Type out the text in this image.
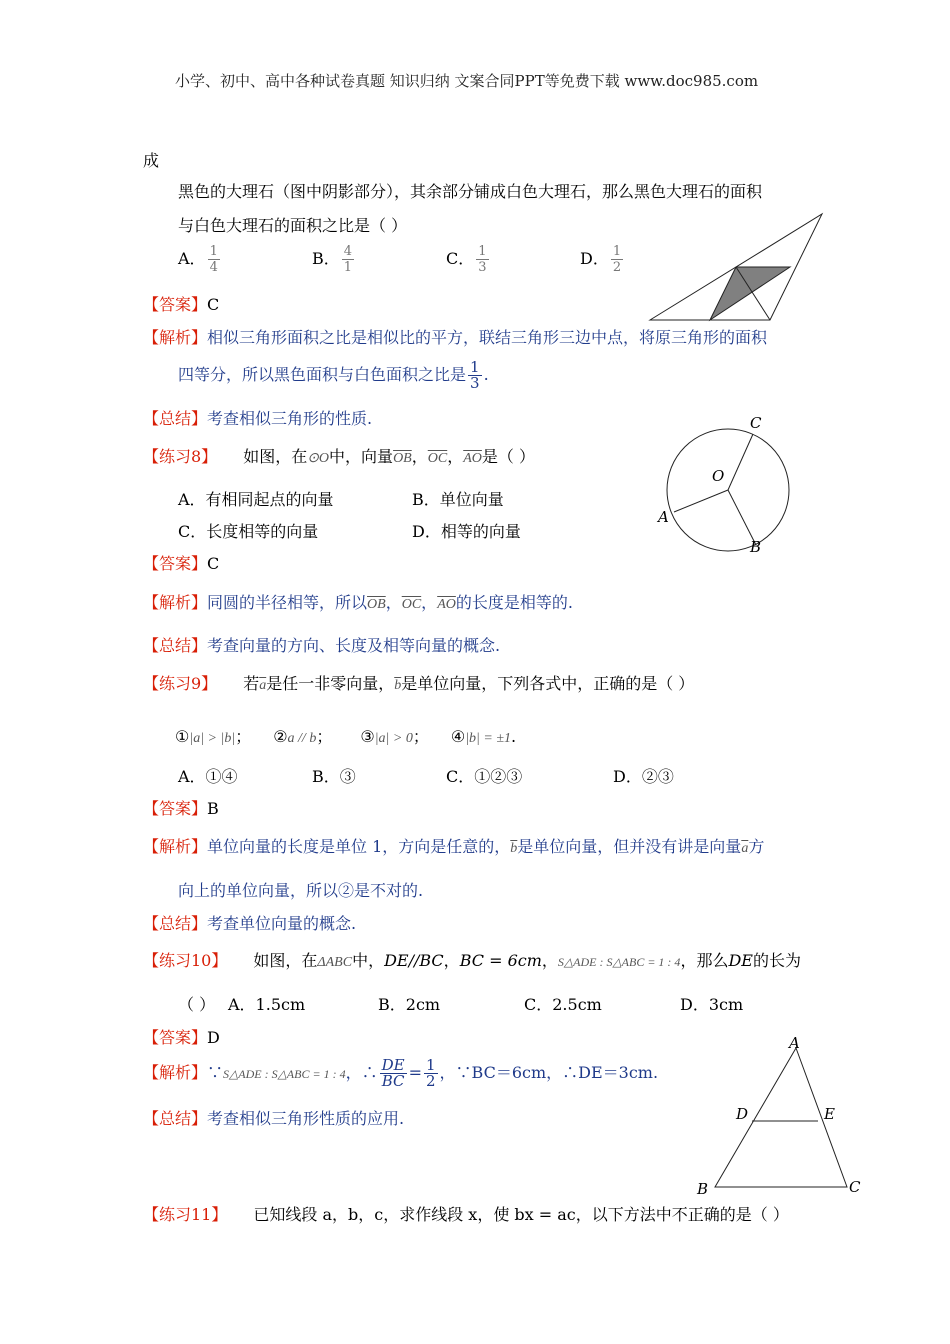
小学、初中、高中各种试卷真题 知识归纳 文案合同PPT等免费下载 www.doc985.com
成
黑色的大理石（图中阴影部分），其余部分铺成白色大理石，那么黑色大理石的面积
与白色大理石的面积之比是（ ）
A． $\frac{1}{4}$	B． $\frac{4}{1}$	C． $\frac{1}{3}$	D． $\frac{1}{2}$
【答案】C
【解析】相似三角形面积之比是相似比的平方，联结三角形三边中点，将原三角形的面积
四等分，所以黑色面积与白色面积之比是 $\frac{1}{3}$ .
【总结】考查相似三角形的性质.
【练习8】 如图，在⊙O中，向量$\overline{OB}$，$\overline{OC}$，$\overline{AO}$是（ ）
A．有相同起点的向量	B．单位向量
C．长度相等的向量	D．相等的向量
C
O
A
B
【答案】C
【解析】同圆的半径相等，所以$\overline{OB}$，$\overline{OC}$，$\overline{AO}$的长度是相等的.
【总结】考查向量的方向、长度及相等向量的概念.
【练习9】 若$\overline{a}$是任一非零向量，$\overline{b}$是单位向量，下列各式中，正确的是（ ）
①|a| > |b|； ②a // b； ③|a| > 0； ④|b| = ±1.
A．①④	B．③	C．①②③	D．②③
【答案】B
【解析】单位向量的长度是单位 1，方向是任意的，$\overline{b}$是单位向量，但并没有讲是向量$\overline{a}$方
向上的单位向量，所以②是不对的.
【总结】考查单位向量的概念.
【练习10】 如图，在ΔABC中，DE//BC，BC = 6cm，S△ADE : S△ABC = 1 : 4，那么DE的长为
（ ） A．1.5cm	B．2cm	C．2.5cm	D．3cm
【答案】D
【解析】∵S△ADE : S△ABC = 1 : 4，∴ $\frac{DE}{BC} = \frac{1}{2}$ ，∵BC＝6cm，∴DE＝3cm.
【总结】考查相似三角形性质的应用.
A
D	E
B	C
【练习11】 已知线段 a，b，c，求作线段 x，使 bx = ac，以下方法中不正确的是（ ）
